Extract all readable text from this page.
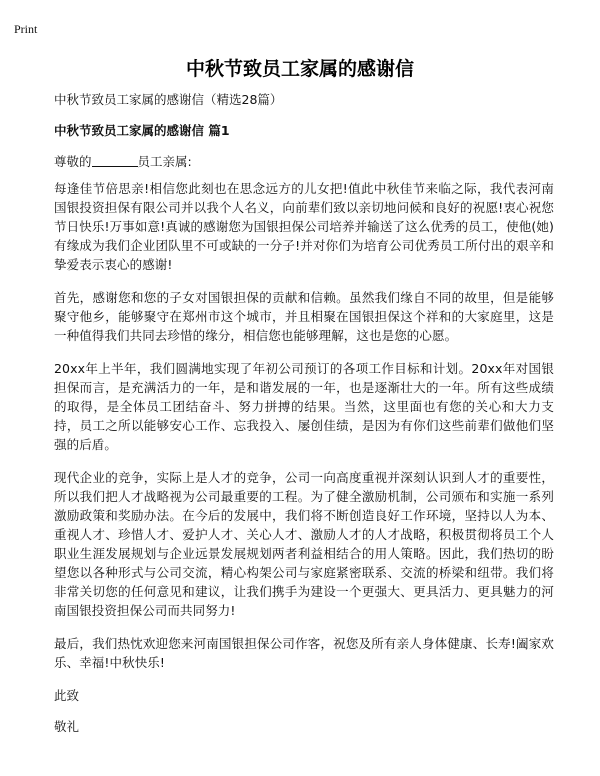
Print
中秋节致员工家属的感谢信
中秋节致员工家属的感谢信（精选28篇）
中秋节致员工家属的感谢信 篇1
尊敬的	员工亲属:

每逢佳节倍思亲!相信您此刻也在思念远方的儿女把!值此中秋佳节来临之际，我代表河南国银投资担保有限公司并以我个人名义，向前辈们致以亲切地问候和良好的祝愿!衷心祝您节日快乐!万事如意!真诚的感谢您为国银担保公司培养并输送了这么优秀的员工，使他(她)有缘成为我们企业团队里不可或缺的一分子!并对你们为培育公司优秀员工所付出的艰辛和挚爱表示衷心的感谢!

首先，感谢您和您的子女对国银担保的贡献和信赖。虽然我们缘自不同的故里，但是能够聚守他乡，能够聚守在郑州市这个城市，并且相聚在国银担保这个祥和的大家庭里，这是一种值得我们共同去珍惜的缘分，相信您也能够理解，这也是您的心愿。

20xx年上半年，我们圆满地实现了年初公司预订的各项工作目标和计划。20xx年对国银担保而言，是充满活力的一年，是和谐发展的一年，也是逐渐壮大的一年。所有这些成绩的取得，是全体员工团结奋斗、努力拼搏的结果。当然，这里面也有您的关心和大力支持，员工之所以能够安心工作、忘我投入、屡创佳绩，是因为有你们这些前辈们做他们坚强的后盾。

现代企业的竞争，实际上是人才的竞争，公司一向高度重视并深刻认识到人才的重要性，所以我们把人才战略视为公司最重要的工程。为了健全激励机制，公司颁布和实施一系列激励政策和奖励办法。在今后的发展中，我们将不断创造良好工作环境，坚持以人为本、重视人才、珍惜人才、爱护人才、关心人才、激励人才的人才战略，积极贯彻将员工个人职业生涯发展规划与企业远景发展规划两者利益相结合的用人策略。因此，我们热切的盼望您以各种形式与公司交流，精心构架公司与家庭紧密联系、交流的桥梁和纽带。我们将非常关切您的任何意见和建议，让我们携手为建设一个更强大、更具活力、更具魅力的河南国银投资担保公司而共同努力!

最后，我们热忱欢迎您来河南国银担保公司作客，祝您及所有亲人身体健康、长寿!阖家欢乐、幸福!中秋快乐!

此致
敬礼
